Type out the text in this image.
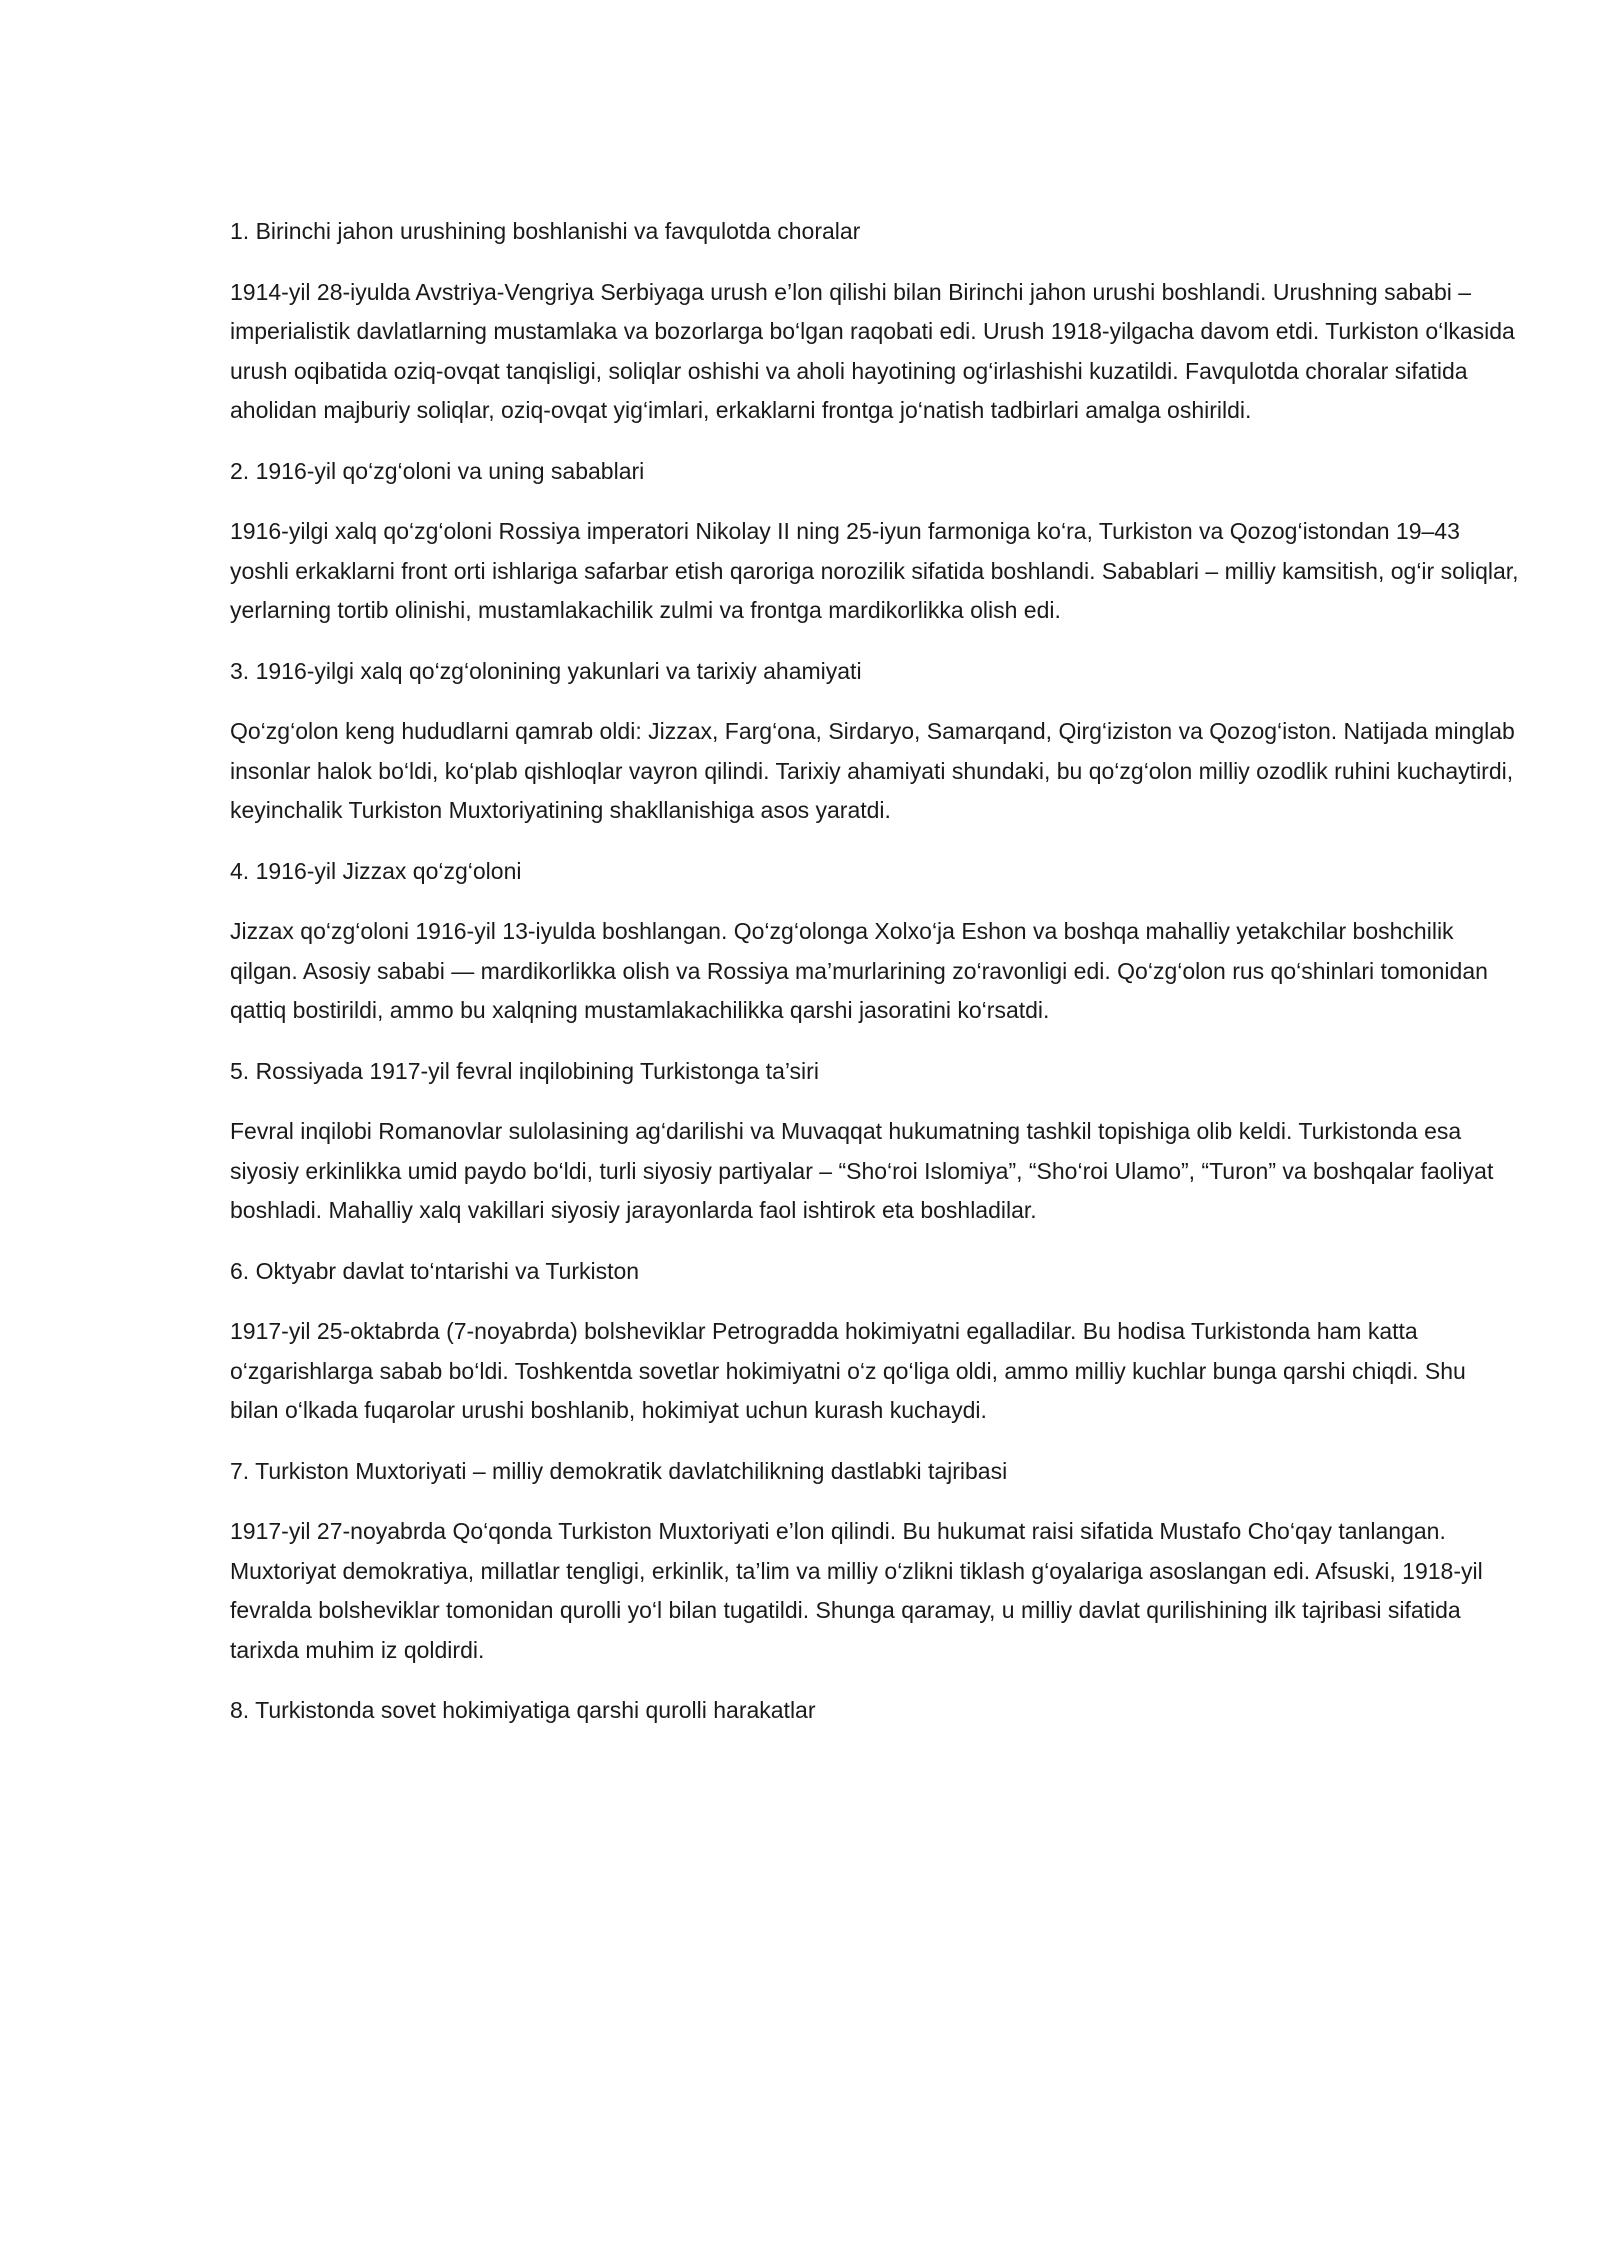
1. Birinchi jahon urushining boshlanishi va favqulotda choralar

1914-yil 28-iyulda Avstriya-Vengriya Serbiyaga urush e’lon qilishi bilan Birinchi jahon urushi boshlandi. Urushning sababi – imperialistik davlatlarning mustamlaka va bozorlarga bo‘lgan raqobati edi. Urush 1918-yilgacha davom etdi. Turkiston o‘lkasida urush oqibatida oziq-ovqat tanqisligi, soliqlar oshishi va aholi hayotining og‘irlashishi kuzatildi. Favqulotda choralar sifatida aholidan majburiy soliqlar, oziq-ovqat yig‘imlari, erkaklarni frontga jo‘natish tadbirlari amalga oshirildi.

2. 1916-yil qo‘zg‘oloni va uning sabablari

1916-yilgi xalq qo‘zg‘oloni Rossiya imperatori Nikolay II ning 25-iyun farmoniga ko‘ra, Turkiston va Qozog‘istondan 19–43 yoshli erkaklarni front orti ishlariga safarbar etish qaroriga norozilik sifatida boshlandi. Sabablari – milliy kamsitish, og‘ir soliqlar, yerlarning tortib olinishi, mustamlakachilik zulmi va frontga mardikorlikka olish edi.

3. 1916-yilgi xalq qo‘zg‘olonining yakunlari va tarixiy ahamiyati

Qo‘zg‘olon keng hududlarni qamrab oldi: Jizzax, Farg‘ona, Sirdaryo, Samarqand, Qirg‘iziston va Qozog‘iston. Natijada minglab insonlar halok bo‘ldi, ko‘plab qishloqlar vayron qilindi. Tarixiy ahamiyati shundaki, bu qo‘zg‘olon milliy ozodlik ruhini kuchaytirdi, keyinchalik Turkiston Muxtoriyatining shakllanishiga asos yaratdi.

4. 1916-yil Jizzax qo‘zg‘oloni

Jizzax qo‘zg‘oloni 1916-yil 13-iyulda boshlangan. Qo‘zg‘olonga Xolxo‘ja Eshon va boshqa mahalliy yetakchilar boshchilik qilgan. Asosiy sababi — mardikorlikka olish va Rossiya ma’murlarining zo‘ravonligi edi. Qo‘zg‘olon rus qo‘shinlari tomonidan qattiq bostirildi, ammo bu xalqning mustamlakachilikka qarshi jasoratini ko‘rsatdi.

5. Rossiyada 1917-yil fevral inqilobining Turkistonga ta’siri

Fevral inqilobi Romanovlar sulolasining ag‘darilishi va Muvaqqat hukumatning tashkil topishiga olib keldi. Turkistonda esa siyosiy erkinlikka umid paydo bo‘ldi, turli siyosiy partiyalar – “Sho‘roi Islomiya”, “Sho‘roi Ulamo”, “Turon” va boshqalar faoliyat boshladi. Mahalliy xalq vakillari siyosiy jarayonlarda faol ishtirok eta boshladilar.

6. Oktyabr davlat to‘ntarishi va Turkiston

1917-yil 25-oktabrda (7-noyabrda) bolsheviklar Petrogradda hokimiyatni egalladilar. Bu hodisa Turkistonda ham katta o‘zgarishlarga sabab bo‘ldi. Toshkentda sovetlar hokimiyatni o‘z qo‘liga oldi, ammo milliy kuchlar bunga qarshi chiqdi. Shu bilan o‘lkada fuqarolar urushi boshlanib, hokimiyat uchun kurash kuchaydi.

7. Turkiston Muxtoriyati – milliy demokratik davlatchilikning dastlabki tajribasi

1917-yil 27-noyabrda Qo‘qonda Turkiston Muxtoriyati e’lon qilindi. Bu hukumat raisi sifatida Mustafo Cho‘qay tanlangan. Muxtoriyat demokratiya, millatlar tengligi, erkinlik, ta’lim va milliy o‘zlikni tiklash g‘oyalariga asoslangan edi. Afsuski, 1918-yil fevralda bolsheviklar tomonidan qurolli yo‘l bilan tugatildi. Shunga qaramay, u milliy davlat qurilishining ilk tajribasi sifatida tarixda muhim iz qoldirdi.

8. Turkistonda sovet hokimiyatiga qarshi qurolli harakatlar
